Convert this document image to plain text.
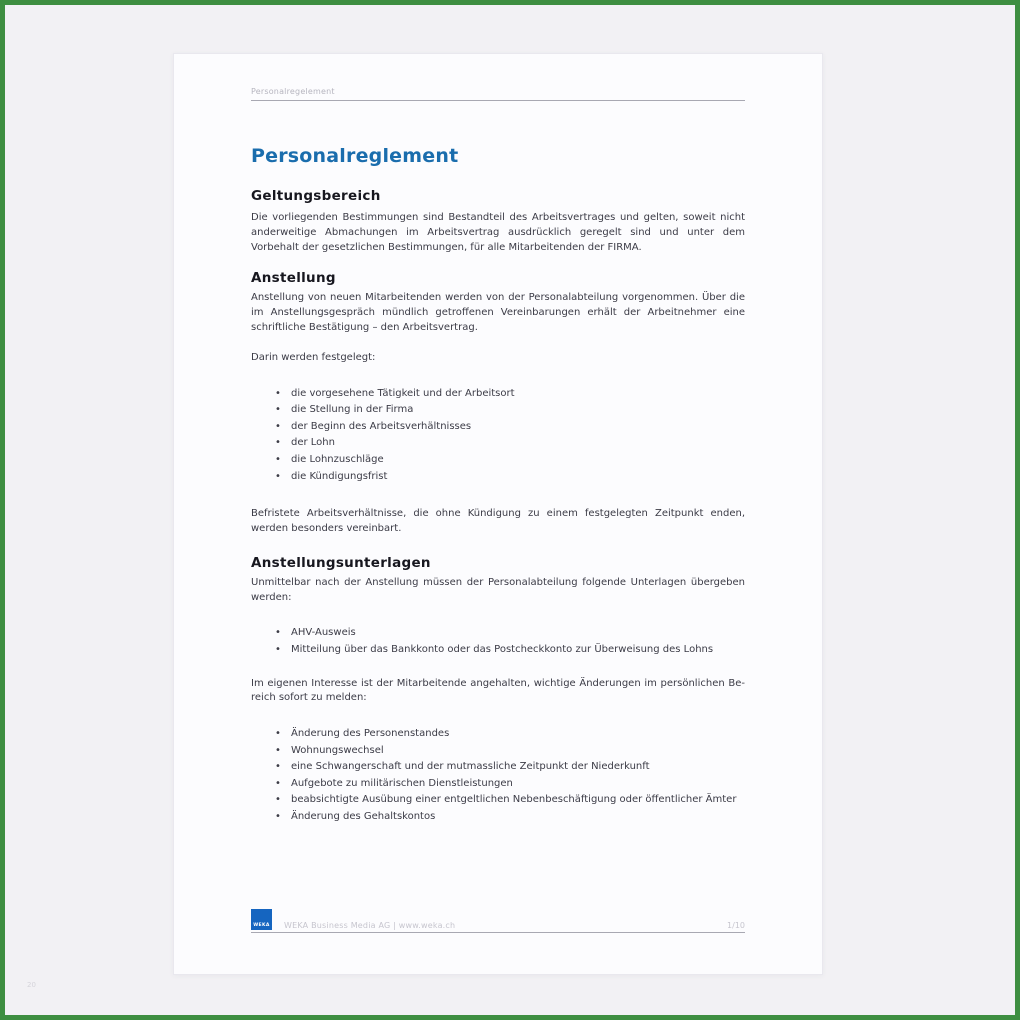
Personalregelement
Personalreglement
Geltungsbereich

Die vorliegenden Bestimmungen sind Bestandteil des Arbeitsvertrages und gelten, soweit nicht anderweitige Abmachungen im Arbeitsvertrag ausdrücklich geregelt sind und unter dem Vorbehalt der gesetzlichen Bestimmungen, für alle Mitarbeitenden der FIRMA.

Anstellung

Anstellung von neuen Mitarbeitenden werden von der Personalabteilung vorgenommen. Über die im Anstellungsgespräch mündlich getroffenen Vereinbarungen erhält der Arbeitnehmer eine schriftliche Bestätigung – den Arbeitsvertrag.

Darin werden festgelegt:

• die vorgesehene Tätigkeit und der Arbeitsort
• die Stellung in der Firma
• der Beginn des Arbeitsverhältnisses
• der Lohn
• die Lohnzuschläge
• die Kündigungsfrist

Befristete Arbeitsverhältnisse, die ohne Kündigung zu einem festgelegten Zeitpunkt enden, werden besonders vereinbart.

Anstellungsunterlagen

Unmittelbar nach der Anstellung müssen der Personalabteilung folgende Unterlagen übergeben werden:

• AHV-Ausweis
• Mitteilung über das Bankkonto oder das Postcheckkonto zur Überweisung des Lohns

Im eigenen Interesse ist der Mitarbeitende angehalten, wichtige Änderungen im persönlichen Bereich sofort zu melden:

• Änderung des Personenstandes
• Wohnungswechsel
• eine Schwangerschaft und der mutmassliche Zeitpunkt der Niederkunft
• Aufgebote zu militärischen Dienstleistungen
• beabsichtigte Ausübung einer entgeltlichen Nebenbeschäftigung oder öffentlicher Ämter
• Änderung des Gehaltskontos
WEKA WEKA Business Media AG | www.weka.ch	1/10
20
